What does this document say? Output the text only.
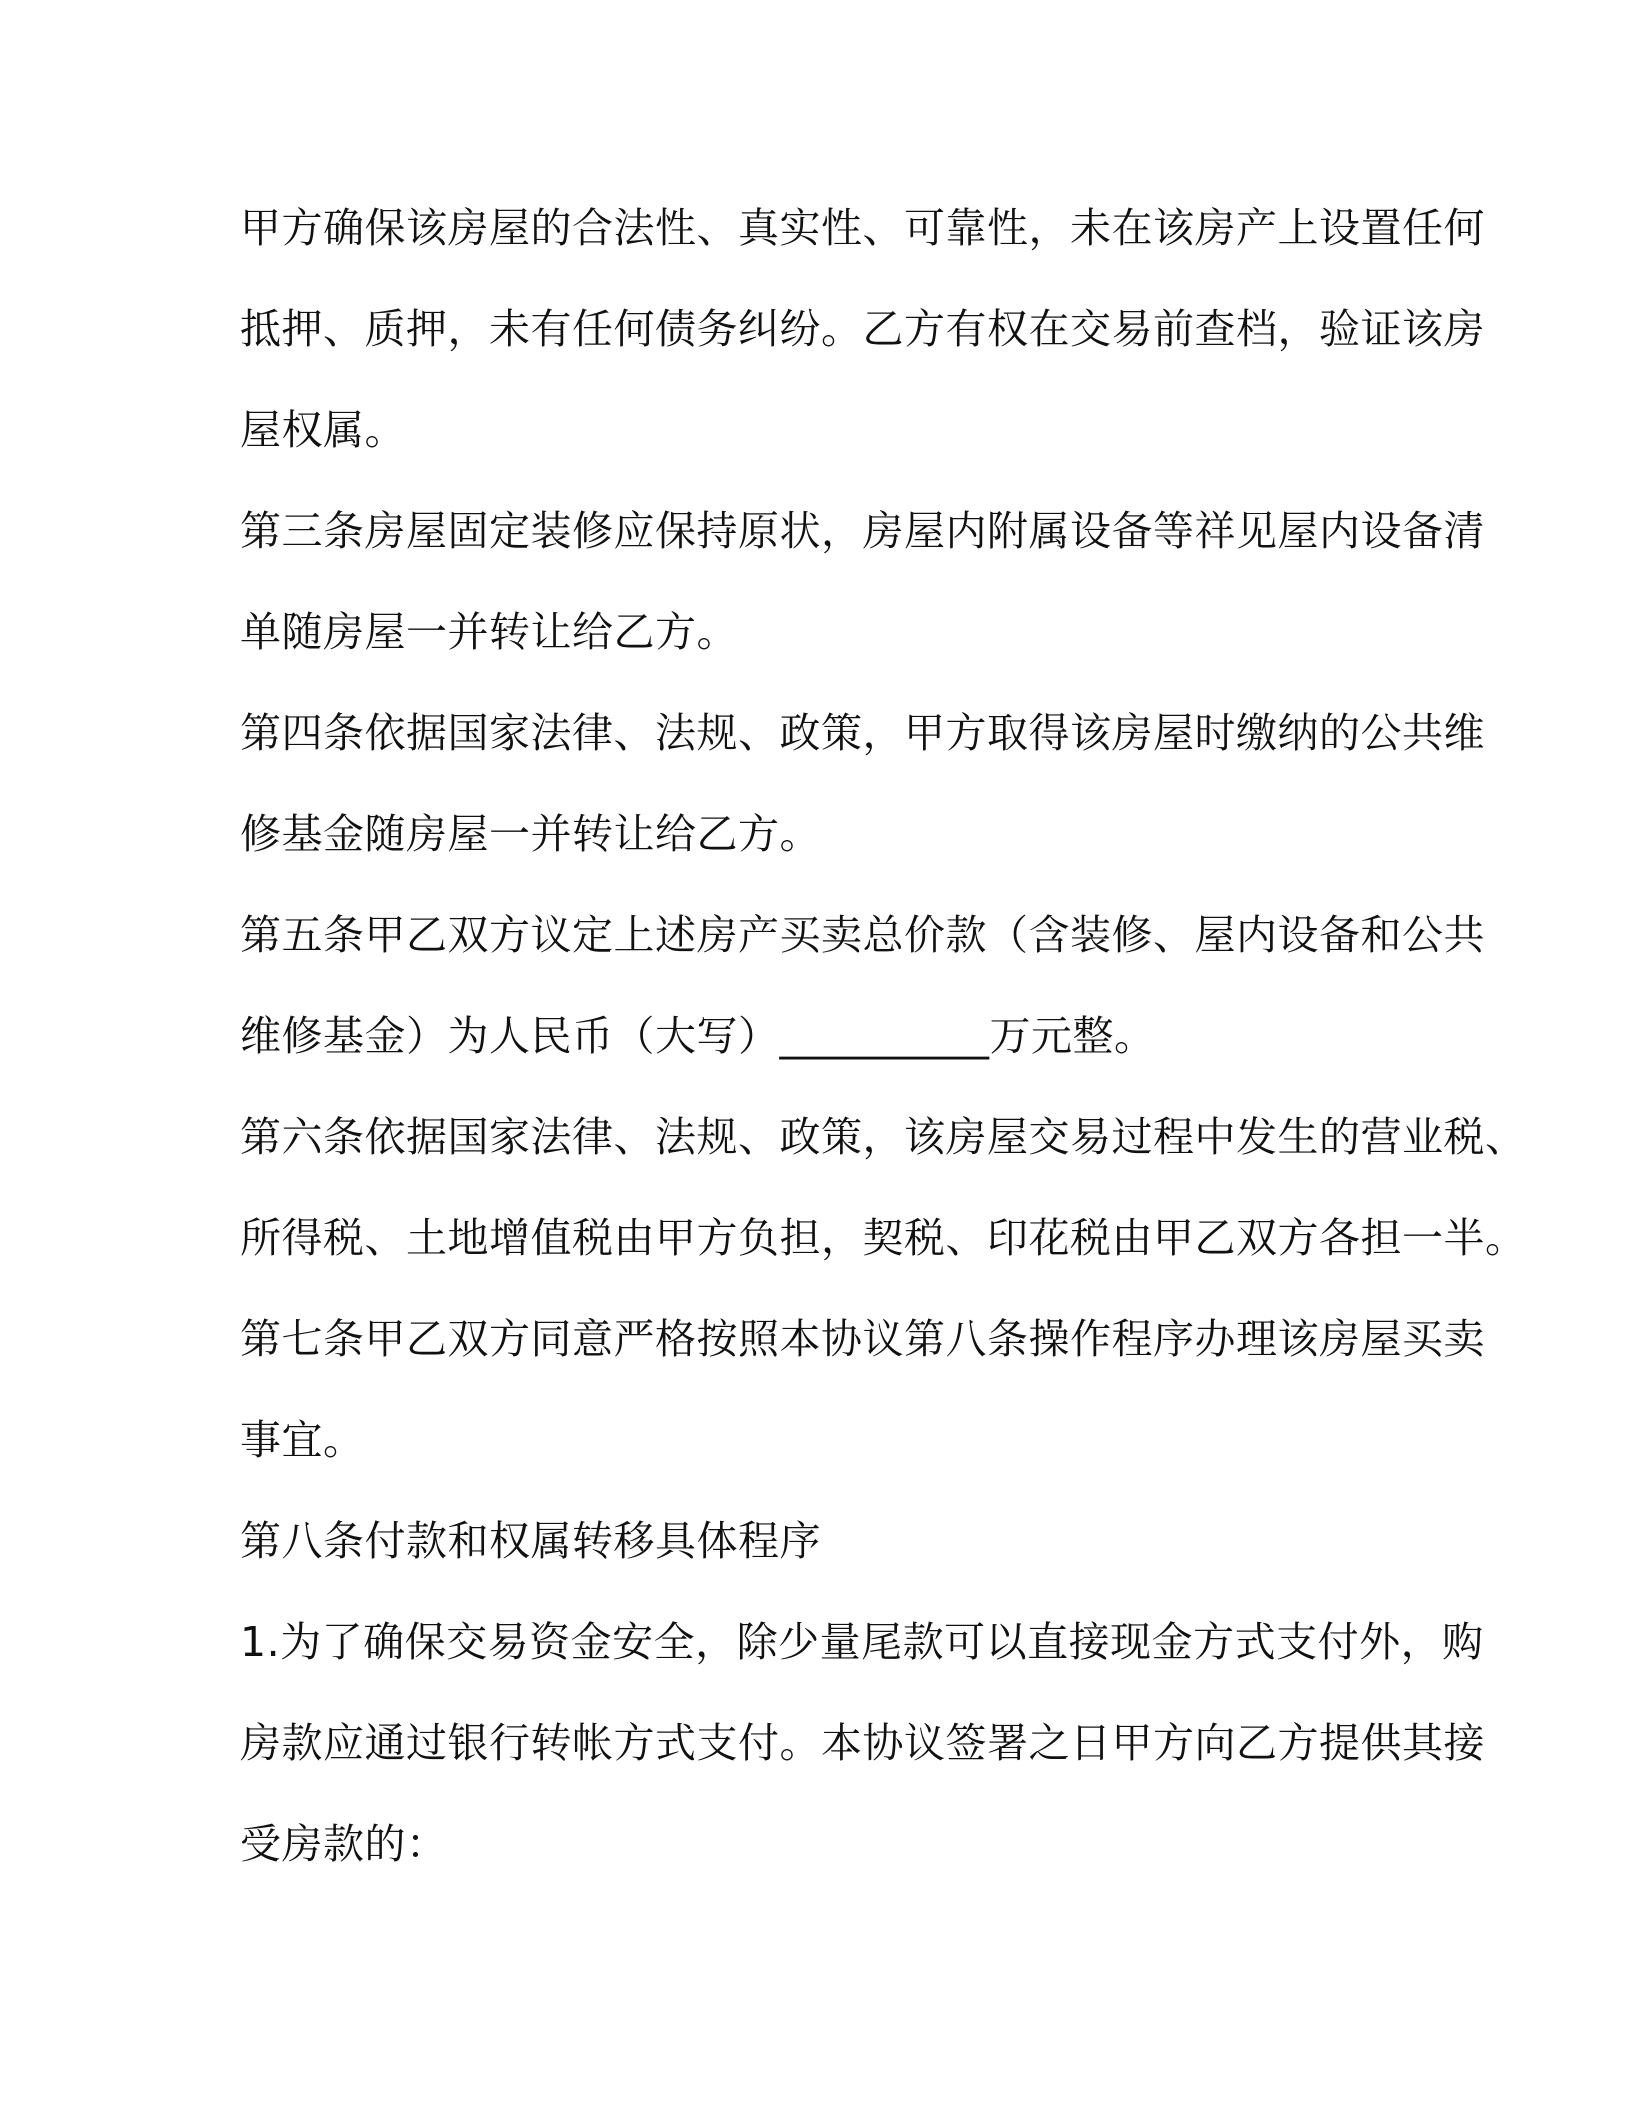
甲方确保该房屋的合法性、真实性、可靠性，未在该房产上设置任何
抵押、质押，未有任何债务纠纷。乙方有权在交易前查档，验证该房
屋权属。
第三条房屋固定装修应保持原状，房屋内附属设备等祥见屋内设备清
单随房屋一并转让给乙方。
第四条依据国家法律、法规、政策，甲方取得该房屋时缴纳的公共维
修基金随房屋一并转让给乙方。
第五条甲乙双方议定上述房产买卖总价款（含装修、屋内设备和公共
维修基金）为人民币（大写）__________万元整。
第六条依据国家法律、法规、政策，该房屋交易过程中发生的营业税、
所得税、土地增值税由甲方负担，契税、印花税由甲乙双方各担一半。
第七条甲乙双方同意严格按照本协议第八条操作程序办理该房屋买卖
事宜。
第八条付款和权属转移具体程序
1.为了确保交易资金安全，除少量尾款可以直接现金方式支付外，购
房款应通过银行转帐方式支付。本协议签署之日甲方向乙方提供其接
受房款的：
